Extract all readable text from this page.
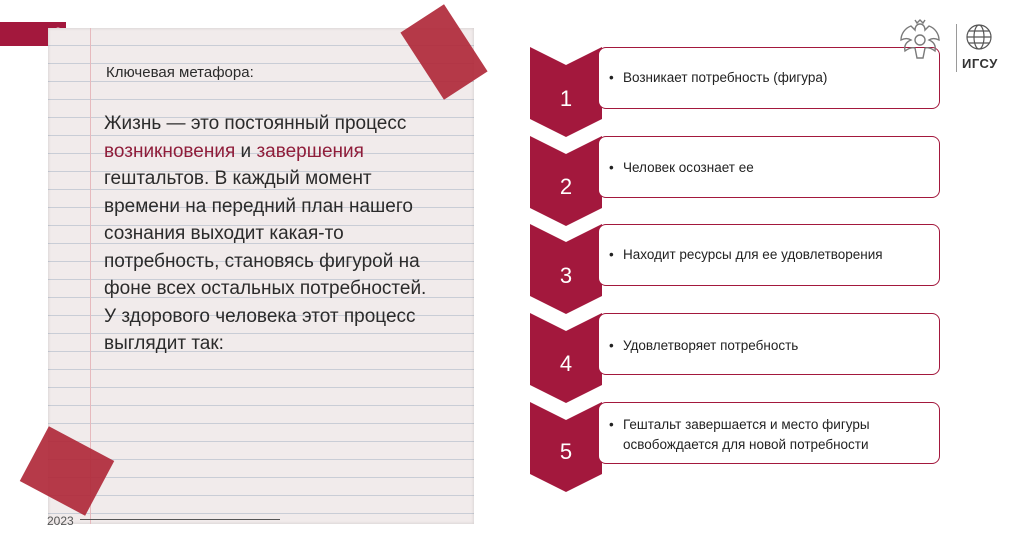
Ключевая метафора:
Жизнь — это постоянный процесс возникновения и завершения гештальтов. В каждый момент времени на передний план нашего сознания выходит какая-то потребность, становясь фигурой на фоне всех остальных потребностей. У здорового человека этот процесс выглядит так:
2023
1
• Возникает потребность (фигура)
2
• Человек осознает ее
3
• Находит ресурсы для ее удовлетворения
4
• Удовлетворяет потребность
5
• Гештальт завершается и место фигуры освобождается для новой потребности
ИГСУ
